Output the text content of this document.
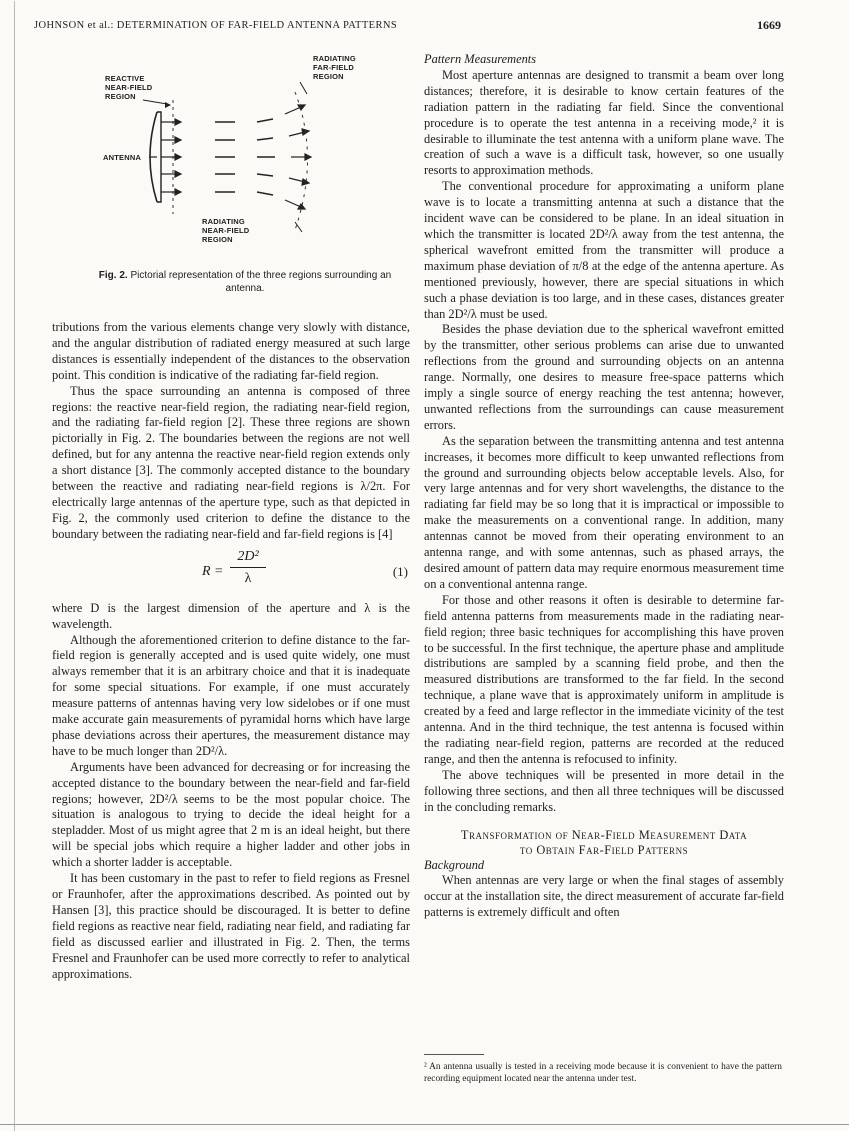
JOHNSON et al.: DETERMINATION OF FAR-FIELD ANTENNA PATTERNS	1669
REACTIVE
NEAR-FIELD
REGION
RADIATING
FAR-FIELD
REGION
ANTENNA
RADIATING
NEAR-FIELD
REGION
Fig. 2. Pictorial representation of the three regions surrounding an antenna.

tributions from the various elements change very slowly with distance, and the angular distribution of radiated energy measured at such large distances is essentially independent of the distances to the observation point. This condition is indicative of the radiating far-field region.

Thus the space surrounding an antenna is composed of three regions: the reactive near-field region, the radiating near-field region, and the radiating far-field region [2]. These three regions are shown pictorially in Fig. 2. The boundaries between the regions are not well defined, but for any antenna the reactive near-field region extends only a short distance [3]. The commonly accepted distance to the boundary between the reactive and radiating near-field regions is λ/2π. For electrically large antennas of the aperture type, such as that depicted in Fig. 2, the commonly used criterion to define the distance to the boundary between the radiating near-field and far-field regions is [4]

$R = \frac{\text{2D²}}{\lambda}$	(1)

where D is the largest dimension of the aperture and λ is the wavelength.

Although the aforementioned criterion to define distance to the far-field region is generally accepted and is used quite widely, one must always remember that it is an arbitrary choice and that it is inadequate for some special situations. For example, if one must accurately measure patterns of antennas having very low sidelobes or if one must make accurate gain measurements of pyramidal horns which have large phase deviations across their apertures, the measurement distance may have to be much longer than 2D²/λ.

Arguments have been advanced for decreasing or for increasing the accepted distance to the boundary between the near-field and far-field regions; however, 2D²/λ seems to be the most popular choice. The situation is analogous to trying to decide the ideal height for a stepladder. Most of us might agree that 2 m is an ideal height, but there will be special jobs which require a higher ladder and other jobs in which a shorter ladder is acceptable.

It has been customary in the past to refer to field regions as Fresnel or Fraunhofer, after the approximations described. As pointed out by Hansen [3], this practice should be discouraged. It is better to define field regions as reactive near field, radiating near field, and radiating far field as discussed earlier and illustrated in Fig. 2. Then, the terms Fresnel and Fraunhofer can be used more correctly to refer to analytical approximations.

Pattern Measurements

Most aperture antennas are designed to transmit a beam over long distances; therefore, it is desirable to know certain features of the radiation pattern in the radiating far field. Since the conventional procedure is to operate the test antenna in a receiving mode,² it is desirable to illuminate the test antenna with a uniform plane wave. The creation of such a wave is a difficult task, however, so one usually resorts to approximation methods.

The conventional procedure for approximating a uniform plane wave is to locate a transmitting antenna at such a distance that the incident wave can be considered to be plane. In an ideal situation in which the transmitter is located 2D²/λ away from the test antenna, the spherical wavefront emitted from the transmitter will produce a maximum phase deviation of π/8 at the edge of the antenna aperture. As mentioned previously, however, there are special situations in which such a phase deviation is too large, and in these cases, distances greater than 2D²/λ must be used.

Besides the phase deviation due to the spherical wavefront emitted by the transmitter, other serious problems can arise due to unwanted reflections from the ground and surrounding objects on an antenna range. Normally, one desires to measure free-space patterns which imply a single source of energy reaching the test antenna; however, unwanted reflections from the surroundings can cause measurement errors.

As the separation between the transmitting antenna and test antenna increases, it becomes more difficult to keep unwanted reflections from the ground and surrounding objects below acceptable levels. Also, for very large antennas and for very short wavelengths, the distance to the radiating far field may be so long that it is impractical or impossible to make the measurements on a conventional range. In addition, many antennas cannot be moved from their operating environment to an antenna range, and with some antennas, such as phased arrays, the desired amount of pattern data may require enormous measurement time on a conventional antenna range.

For those and other reasons it often is desirable to determine far-field antenna patterns from measurements made in the radiating near-field region; three basic techniques for accomplishing this have proven to be successful. In the first technique, the aperture phase and amplitude distributions are sampled by a scanning field probe, and then the measured distributions are transformed to the far field. In the second technique, a plane wave that is approximately uniform in amplitude is created by a feed and large reflector in the immediate vicinity of the test antenna. And in the third technique, the test antenna is focused within the radiating near-field region, patterns are recorded at the reduced range, and then the antenna is refocused to infinity.

The above techniques will be presented in more detail in the following three sections, and then all three techniques will be discussed in the concluding remarks.

Transformation of Near-Field Measurement Data
to Obtain Far-Field Patterns

Background

When antennas are very large or when the final stages of assembly occur at the installation site, the direct measurement of accurate far-field patterns is extremely difficult and often

² An antenna usually is tested in a receiving mode because it is convenient to have the pattern recording equipment located near the antenna under test.
